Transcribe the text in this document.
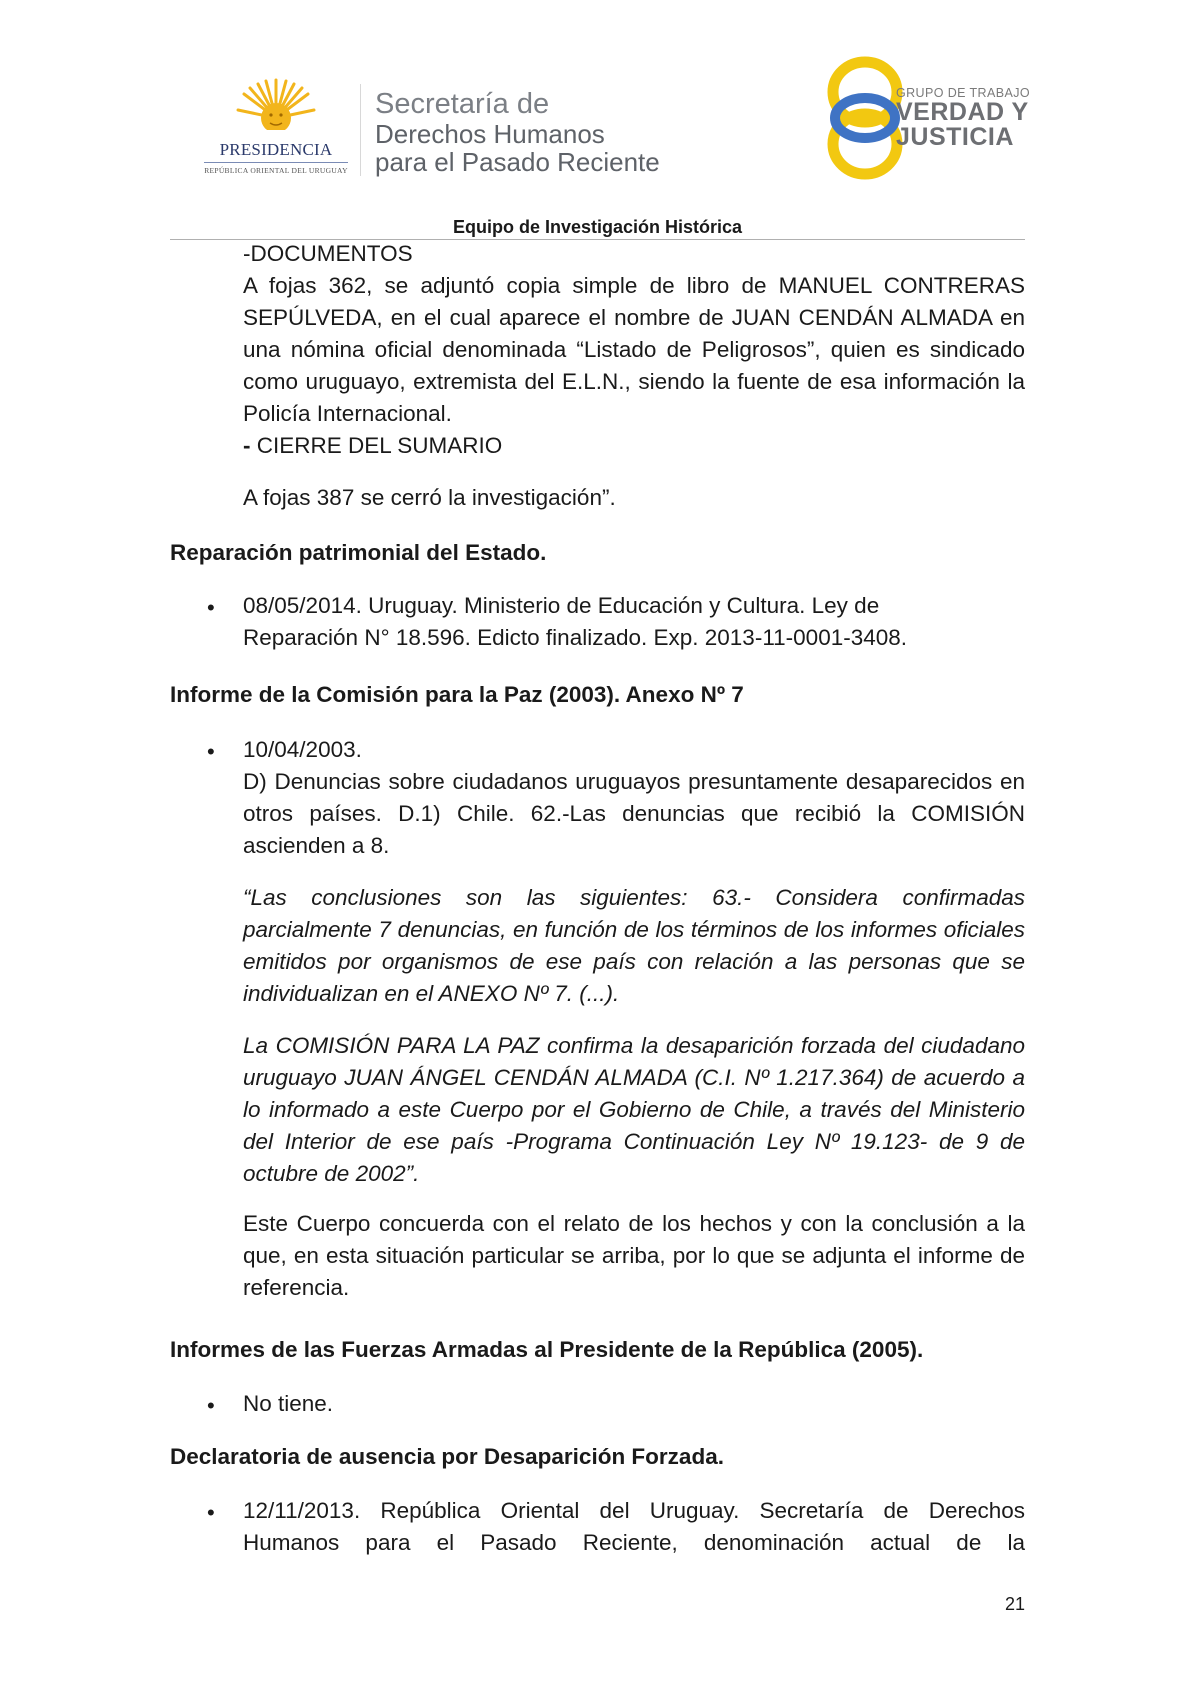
PRESIDENCIA
REPÚBLICA ORIENTAL DEL URUGUAY
Secretaría de
Derechos Humanos
para el Pasado Reciente
GRUPO DE TRABAJO
VERDAD Y
JUSTICIA
Equipo de Investigación Histórica
-DOCUMENTOS
A fojas 362, se adjuntó copia simple de libro de MANUEL CONTRERAS SEPÚLVEDA, en el cual aparece el nombre de JUAN CENDÁN ALMADA en una nómina oficial denominada “Listado de Peligrosos”, quien es sindicado como uruguayo, extremista del E.L.N., siendo la fuente de esa información la Policía Internacional.
- CIERRE DEL SUMARIO
A fojas 387 se cerró la investigación”.
Reparación patrimonial del Estado.
• 08/05/2014. Uruguay. Ministerio de Educación y Cultura. Ley de Reparación N° 18.596. Edicto finalizado. Exp. 2013-11-0001-3408.
Informe de la Comisión para la Paz (2003). Anexo Nº 7
• 10/04/2003.
D) Denuncias sobre ciudadanos uruguayos presuntamente desaparecidos en otros países. D.1) Chile. 62.-Las denuncias que recibió la COMISIÓN ascienden a 8.
“Las conclusiones son las siguientes: 63.- Considera confirmadas parcialmente 7 denuncias, en función de los términos de los informes oficiales emitidos por organismos de ese país con relación a las personas que se individualizan en el ANEXO Nº 7. (...).
La COMISIÓN PARA LA PAZ confirma la desaparición forzada del ciudadano uruguayo JUAN ÁNGEL CENDÁN ALMADA (C.I. Nº 1.217.364) de acuerdo a lo informado a este Cuerpo por el Gobierno de Chile, a través del Ministerio del Interior de ese país -Programa Continuación Ley Nº 19.123- de 9 de octubre de 2002”.
Este Cuerpo concuerda con el relato de los hechos y con la conclusión a la que, en esta situación particular se arriba, por lo que se adjunta el informe de referencia.
Informes de las Fuerzas Armadas al Presidente de la República (2005).
• No tiene.
Declaratoria de ausencia por Desaparición Forzada.
• 12/11/2013. República Oriental del Uruguay. Secretaría de Derechos Humanos para el Pasado Reciente, denominación actual de la
21
